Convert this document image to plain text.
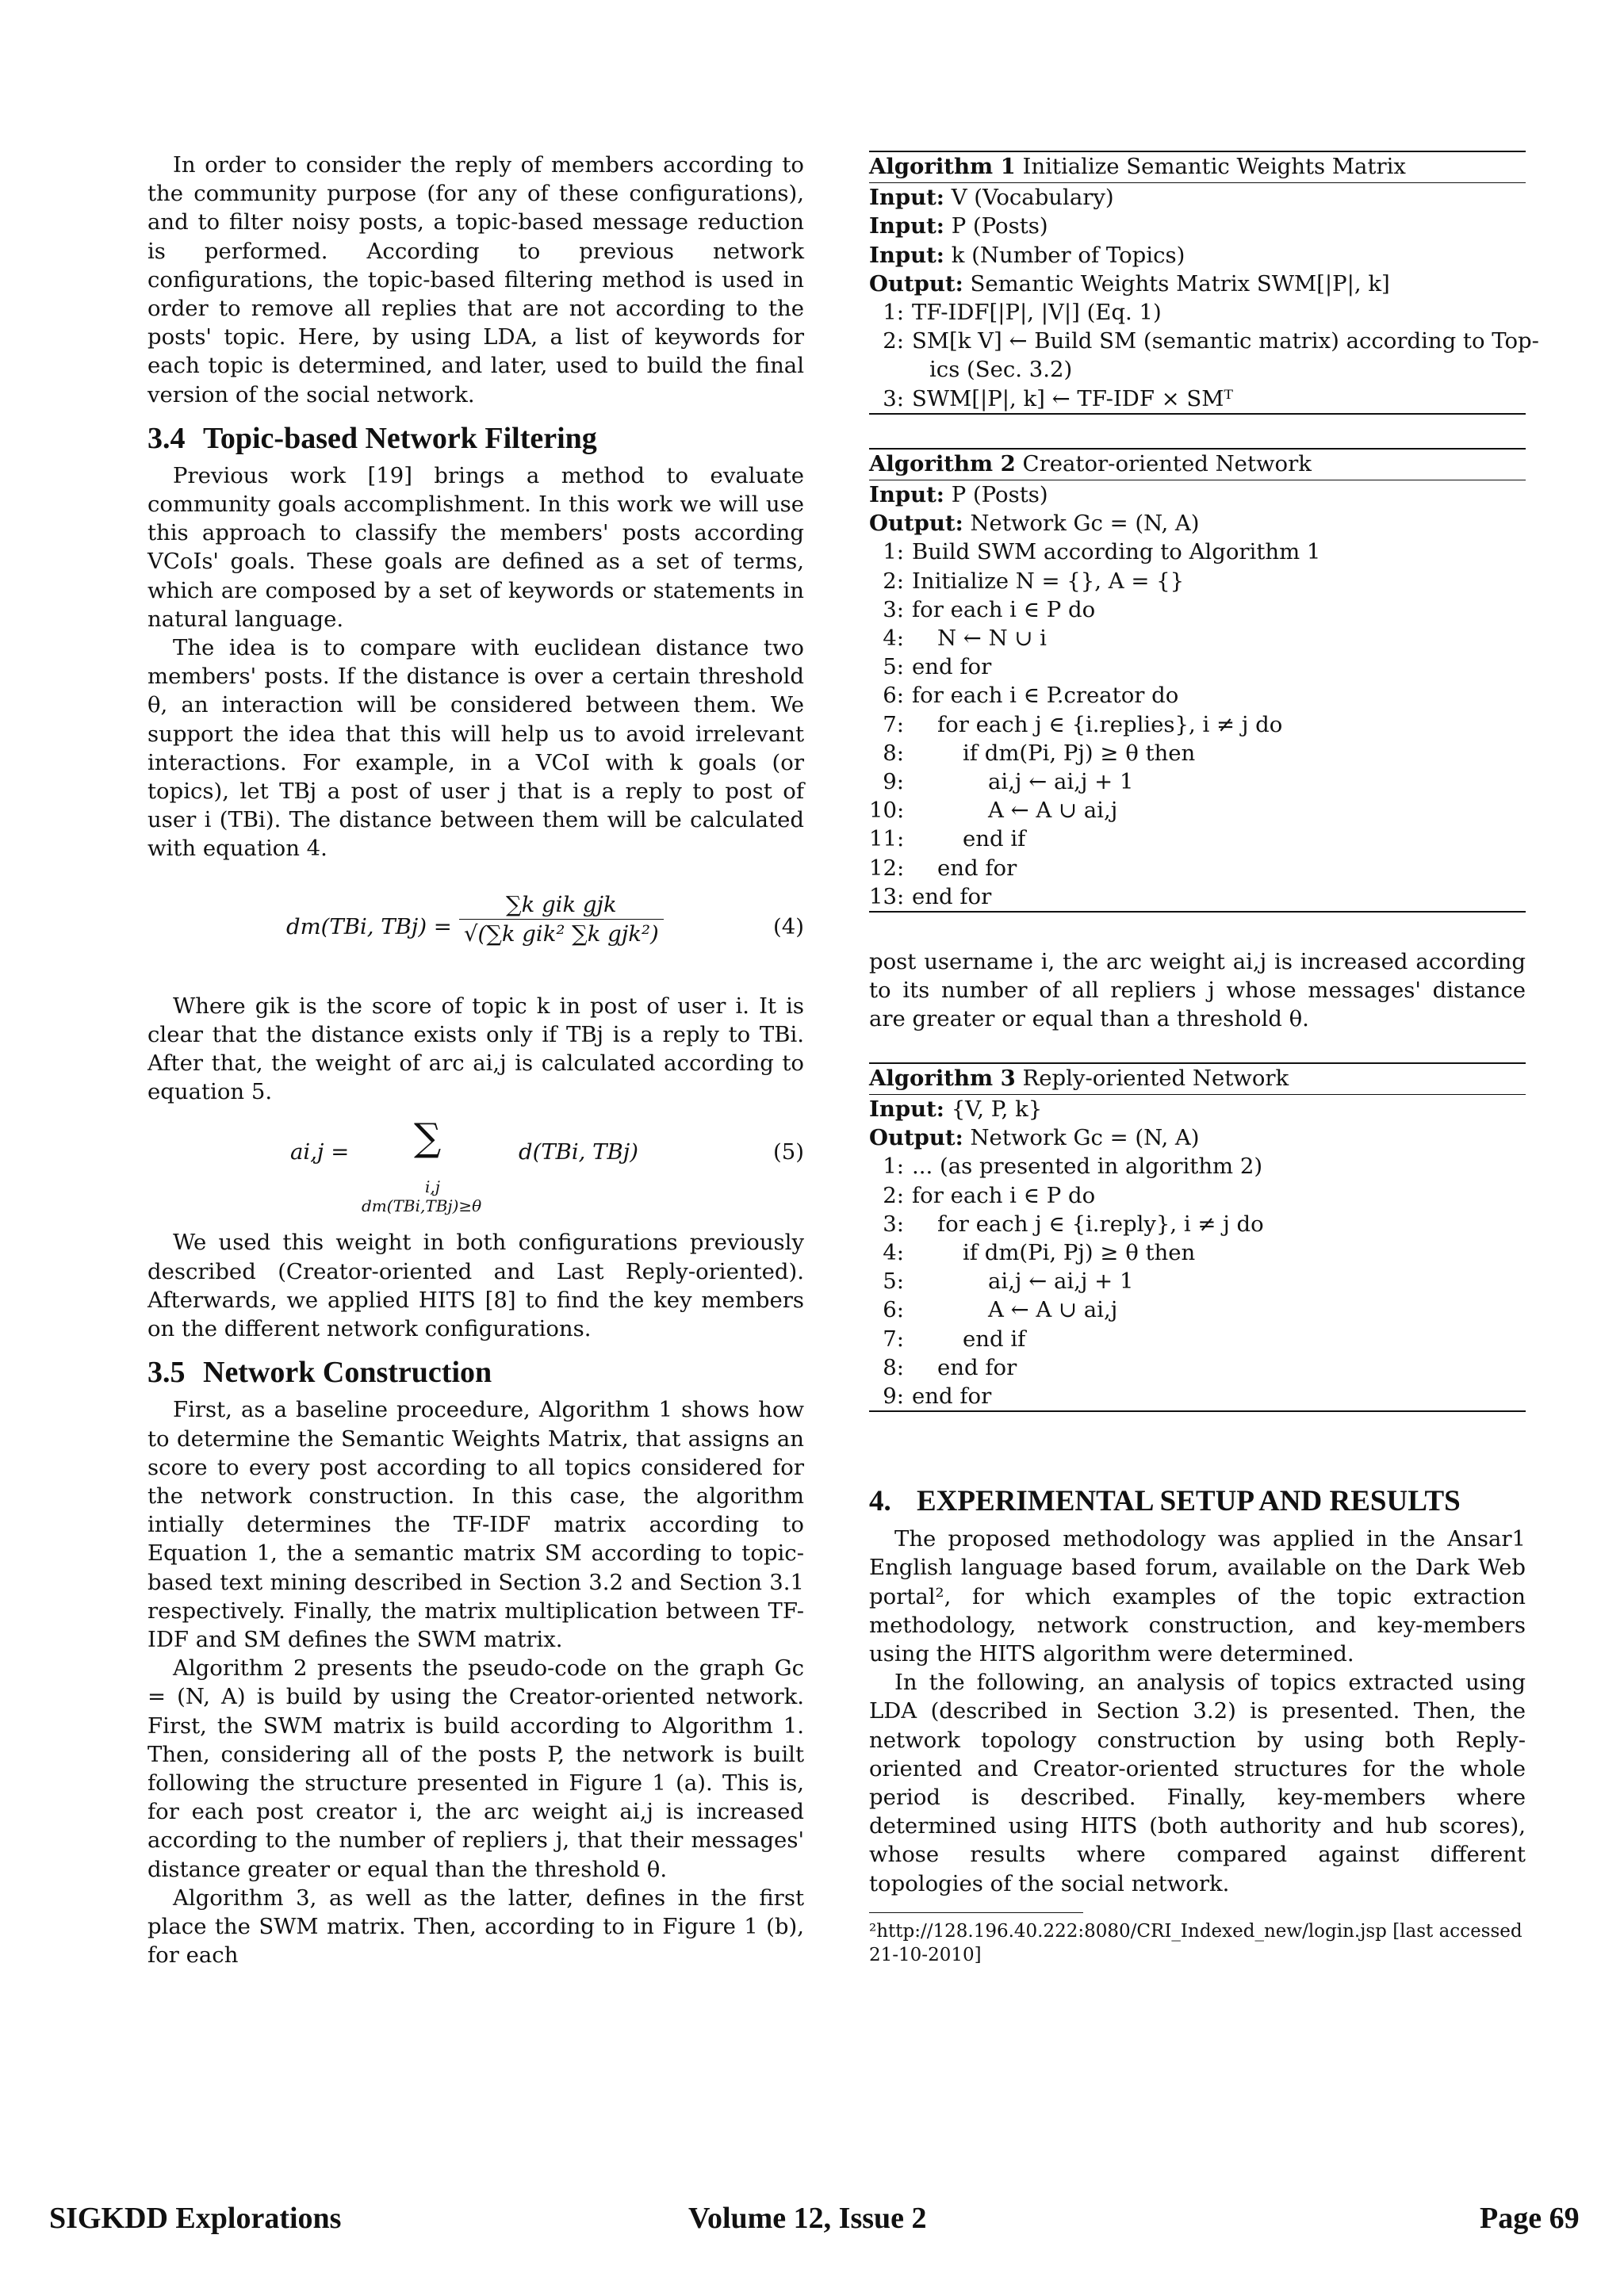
In order to consider the reply of members according to the community purpose (for any of these configurations), and to filter noisy posts, a topic-based message reduction is performed. According to previous network configurations, the topic-based filtering method is used in order to remove all replies that are not according to the posts' topic. Here, by using LDA, a list of keywords for each topic is determined, and later, used to build the final version of the social network.

3.4 Topic-based Network Filtering

Previous work [19] brings a method to evaluate community goals accomplishment. In this work we will use this approach to classify the members' posts according VCoIs' goals. These goals are defined as a set of terms, which are composed by a set of keywords or statements in natural language.

The idea is to compare with euclidean distance two members' posts. If the distance is over a certain threshold θ, an interaction will be considered between them. We support the idea that this will help us to avoid irrelevant interactions. For example, in a VCoI with k goals (or topics), let TBj a post of user j that is a reply to post of user i (TBi). The distance between them will be calculated with equation 4.

dm(TBi, TBj) =
∑k gik gjk
√(∑k gik² ∑k gjk²)	(4)

Where gik is the score of topic k in post of user i. It is clear that the distance exists only if TBj is a reply to TBi. After that, the weight of arc ai,j is calculated according to equation 5.

ai,j = ∑
i,j
dm(TBi,TBj)≥θ
d(TBi, TBj)	(5)

We used this weight in both configurations previously described (Creator-oriented and Last Reply-oriented). Afterwards, we applied HITS [8] to find the key members on the different network configurations.

3.5 Network Construction

First, as a baseline proceedure, Algorithm 1 shows how to determine the Semantic Weights Matrix, that assigns an score to every post according to all topics considered for the network construction. In this case, the algorithm intially determines the TF-IDF matrix according to Equation 1, the a semantic matrix SM according to topic-based text mining described in Section 3.2 and Section 3.1 respectively. Finally, the matrix multiplication between TF-IDF and SM defines the SWM matrix.

Algorithm 2 presents the pseudo-code on the graph Gc = (N, A) is build by using the Creator-oriented network. First, the SWM matrix is build according to Algorithm 1. Then, considering all of the posts P, the network is built following the structure presented in Figure 1 (a). This is, for each post creator i, the arc weight ai,j is increased according to the number of repliers j, that their messages' distance greater or equal than the threshold θ.

Algorithm 3, as well as the latter, defines in the first place the SWM matrix. Then, according to in Figure 1 (b), for each

Algorithm 1 Initialize Semantic Weights Matrix
Input: V (Vocabulary)
Input: P (Posts)
Input: k (Number of Topics)
Output: Semantic Weights Matrix SWM[|P|, k]
1: TF-IDF[|P|, |V|] (Eq. 1)
2: SM[k V] ← Build SM (semantic matrix) according to Top-
ics (Sec. 3.2)
3: SWM[|P|, k] ← TF-IDF × SMᵀ
Algorithm 2 Creator-oriented Network
Input: P (Posts)
Output: Network Gc = (N, A)
1: Build SWM according to Algorithm 1
2: Initialize N = {}, A = {}
3: for each i ∈ P do
4: N ← N ∪ i
5: end for
6: for each i ∈ P.creator do
7: for each j ∈ {i.replies}, i ≠ j do
8:	if dm(Pi, Pj) ≥ θ then
9:	ai,j ← ai,j + 1
10:	A ← A ∪ ai,j
11:	end if
12: end for
13: end for

post username i, the arc weight ai,j is increased according to its number of all repliers j whose messages' distance are greater or equal than a threshold θ.

Algorithm 3 Reply-oriented Network
Input: {V, P, k}
Output: Network Gc = (N, A)
1: ... (as presented in algorithm 2)
2: for each i ∈ P do
3: for each j ∈ {i.reply}, i ≠ j do
4:	if dm(Pi, Pj) ≥ θ then
5:	ai,j ← ai,j + 1
6:	A ← A ∪ ai,j
7:	end if
8: end for
9: end for
4. EXPERIMENTAL SETUP AND RESULTS

The proposed methodology was applied in the Ansar1 English language based forum, available on the Dark Web portal², for which examples of the topic extraction methodology, network construction, and key-members using the HITS algorithm were determined.

In the following, an analysis of topics extracted using LDA (described in Section 3.2) is presented. Then, the network topology construction by using both Reply-oriented and Creator-oriented structures for the whole period is described. Finally, key-members where determined using HITS (both authority and hub scores), whose results where compared against different topologies of the social network.

²http://128.196.40.222:8080/CRI_Indexed_new/login.jsp [last accessed 21-10-2010]

SIGKDD Explorations	Volume 12, Issue 2	Page 69
